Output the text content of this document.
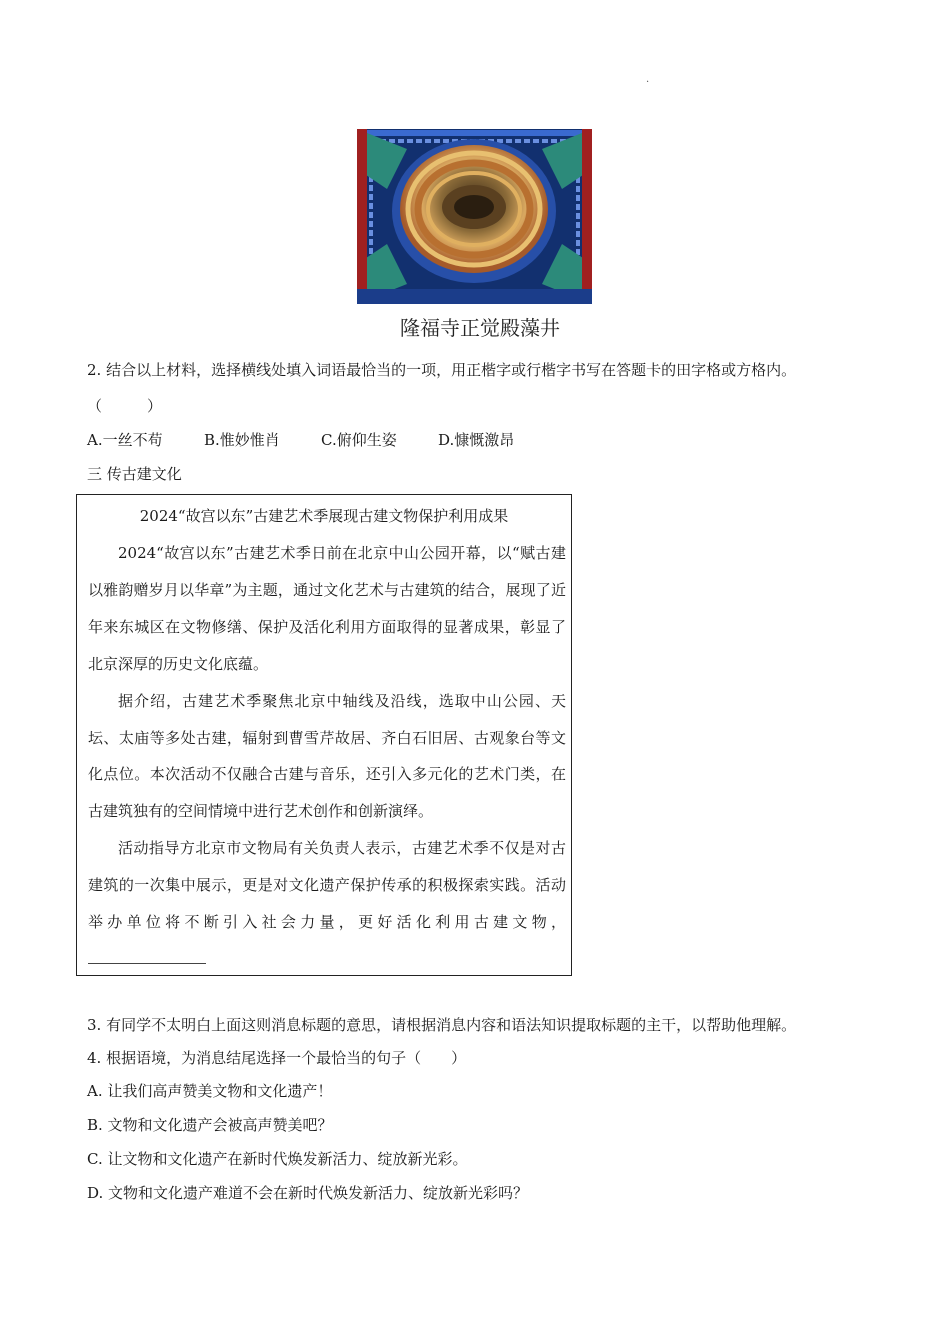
.
隆福寺正觉殿藻井
2. 结合以上材料，选择横线处填入词语最恰当的一项，用正楷字或行楷字书写在答题卡的田字格或方格内。
（　　　）
A.一丝不苟	B.惟妙惟肖	C.俯仰生姿	D.慷慨激昂
三 传古建文化
2024“故宫以东”古建艺术季展现古建文物保护利用成果

2024“故宫以东”古建艺术季日前在北京中山公园开幕，以“赋古建以雅韵赠岁月以华章”为主题，通过文化艺术与古建筑的结合，展现了近年来东城区在文物修缮、保护及活化利用方面取得的显著成果，彰显了北京深厚的历史文化底蕴。

据介绍，古建艺术季聚焦北京中轴线及沿线，选取中山公园、天坛、太庙等多处古建，辐射到曹雪芹故居、齐白石旧居、古观象台等文化点位。本次活动不仅融合古建与音乐，还引入多元化的艺术门类，在古建筑独有的空间情境中进行艺术创作和创新演绎。

活动指导方北京市文物局有关负责人表示，古建艺术季不仅是对古建筑的一次集中展示，更是对文化遗产保护传承的积极探索实践。活动举办单位将不断引入社会力量，更好活化利用古建文物，

3. 有同学不太明白上面这则消息标题的意思，请根据消息内容和语法知识提取标题的主干，以帮助他理解。
4. 根据语境，为消息结尾选择一个最恰当的句子（　　）
A. 让我们高声赞美文物和文化遗产！
B. 文物和文化遗产会被高声赞美吧？
C. 让文物和文化遗产在新时代焕发新活力、绽放新光彩。
D. 文物和文化遗产难道不会在新时代焕发新活力、绽放新光彩吗？
